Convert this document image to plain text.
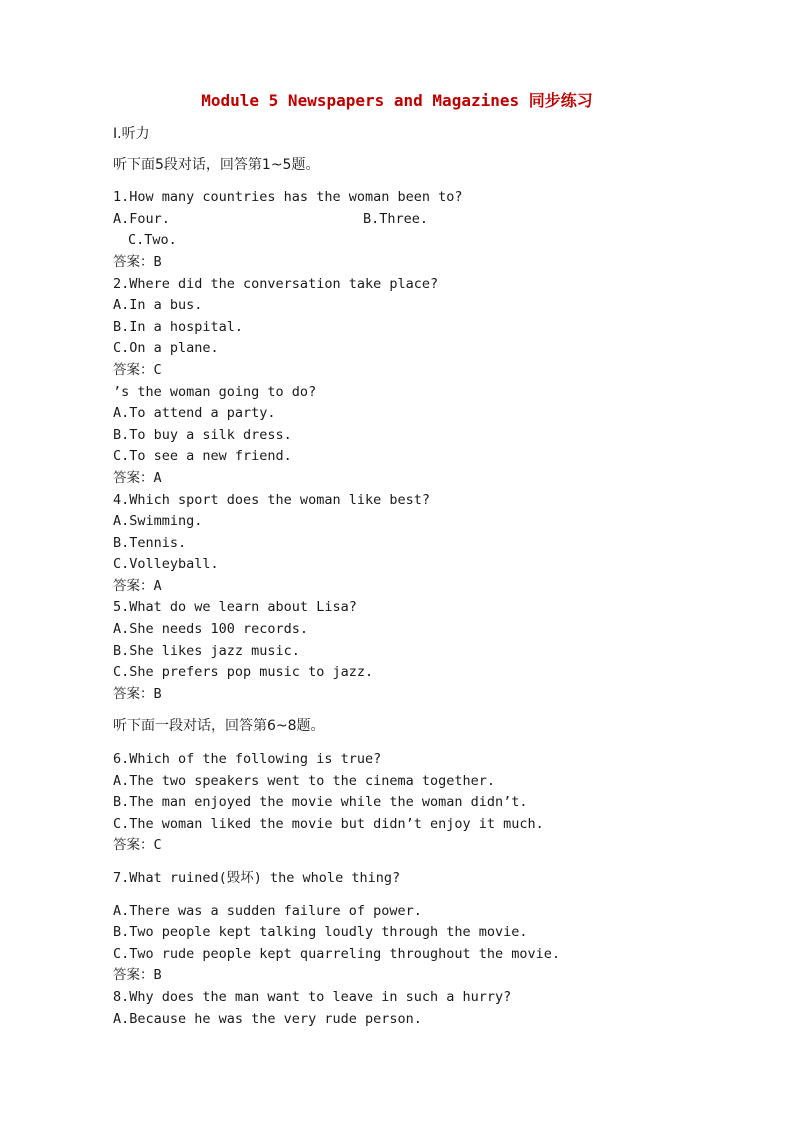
Module 5 Newspapers and Magazines 同步练习
Ⅰ.听力
听下面5段对话，回答第1~5题。
1.How many countries has the woman been to?
A.Four.	B.Three.
C.Two.
答案：B
2.Where did the conversation take place?
A.In a bus.
B.In a hospital.
C.On a plane.
答案：C
’s the woman going to do?
A.To attend a party.
B.To buy a silk dress.
C.To see a new friend.
答案：A
4.Which sport does the woman like best?
A.Swimming.
B.Tennis.
C.Volleyball.
答案：A
5.What do we learn about Lisa?
A.She needs 100 records.
B.She likes jazz music.
C.She prefers pop music to jazz.
答案：B
听下面一段对话，回答第6~8题。
6.Which of the following is true?
A.The two speakers went to the cinema together.
B.The man enjoyed the movie while the woman didn’t.
C.The woman liked the movie but didn’t enjoy it much.
答案：C
7.What ruined(毁坏) the whole thing?
A.There was a sudden failure of power.
B.Two people kept talking loudly through the movie.
C.Two rude people kept quarreling throughout the movie.
答案：B
8.Why does the man want to leave in such a hurry?
A.Because he was the very rude person.
